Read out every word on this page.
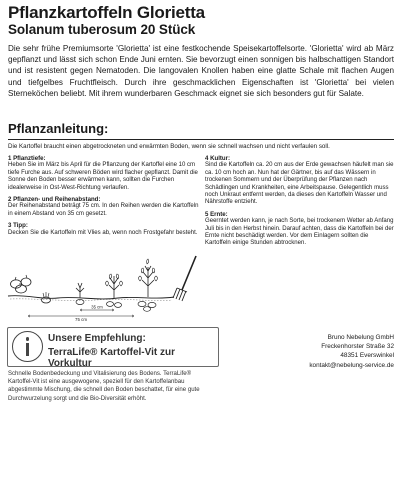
Pflanzkartoffeln Glorietta
Solanum tuberosum 20 Stück

Die sehr frühe Premiumsorte 'Glorietta' ist eine festkochende Speisekartoffelsorte. 'Glorietta' wird ab März gepflanzt und lässt sich schon Ende Juni ernten. Sie bevorzugt einen sonnigen bis halbschattigen Standort und ist resistent gegen Nematoden. Die langovalen Knollen haben eine glatte Schale mit flachen Augen und tiefgelbes Fruchtfleisch. Durch ihre geschmacklichen Eigenschaften ist 'Glorietta' bei vielen Sterneköchen beliebt. Mit ihrem wunderbaren Geschmack eignet sie sich besonders gut für Salate.

Pflanzanleitung:

Die Kartoffel braucht einen abgetrockneten und erwärmten Boden, wenn sie schnell wachsen und nicht verfaulen soll.

1 Pflanztiefe:

Heben Sie im März bis April für die Pflanzung der Kartoffel eine 10 cm tiefe Furche aus. Auf schweren Böden wird flacher gepflanzt. Damit die Sonne den Boden besser erwärmen kann, sollten die Furchen idealerweise in Ost-West-Richtung verlaufen.

2 Pflanzen- und Reihenabstand:

Der Reihenabstand beträgt 75 cm. In den Reihen werden die Kartoffeln in einem Abstand von 35 cm gesetzt.

3 Tipp:

Decken Sie die Kartoffeln mit Vlies ab, wenn noch Frostgefahr besteht.

4 Kultur:

Sind die Kartoffeln ca. 20 cm aus der Erde gewachsen häufelt man sie ca. 10 cm hoch an. Nun hat der Gärtner, bis auf das Wässern in trockenen Sommern und der Überprüfung der Pflanzen nach Schädlingen und Krankheiten, eine Arbeitspause. Gelegentlich muss noch Unkraut entfernt werden, da dieses den Kartoffeln Wasser und Nährstoffe entzieht.

5 Ernte:

Geerntet werden kann, je nach Sorte, bei trockenem Wetter ab Anfang Juli bis in den Herbst hinein. Darauf achten, dass die Kartoffeln bei der Ernte nicht beschädigt werden. Vor dem Einlagern sollten die Kartoffeln einige Stunden abtrocknen.

35 cm
75 cm
Unsere Empfehlung:
TerraLife® Kartoffel-Vit zur Vorkultur

Schnelle Bodenbedeckung und Vitalisierung des Bodens. TerraLife® Kartoffel-Vit ist eine ausgewogene, speziell für den Kartoffelanbau abgestimmte Mischung, die schnell den Boden beschattet, für eine gute Durchwurzelung sorgt und die Bio-Diversität erhöht.

Bruno Nebelung GmbH
Freckenhorster Straße 32
48351 Everswinkel
kontakt@nebelung-service.de
